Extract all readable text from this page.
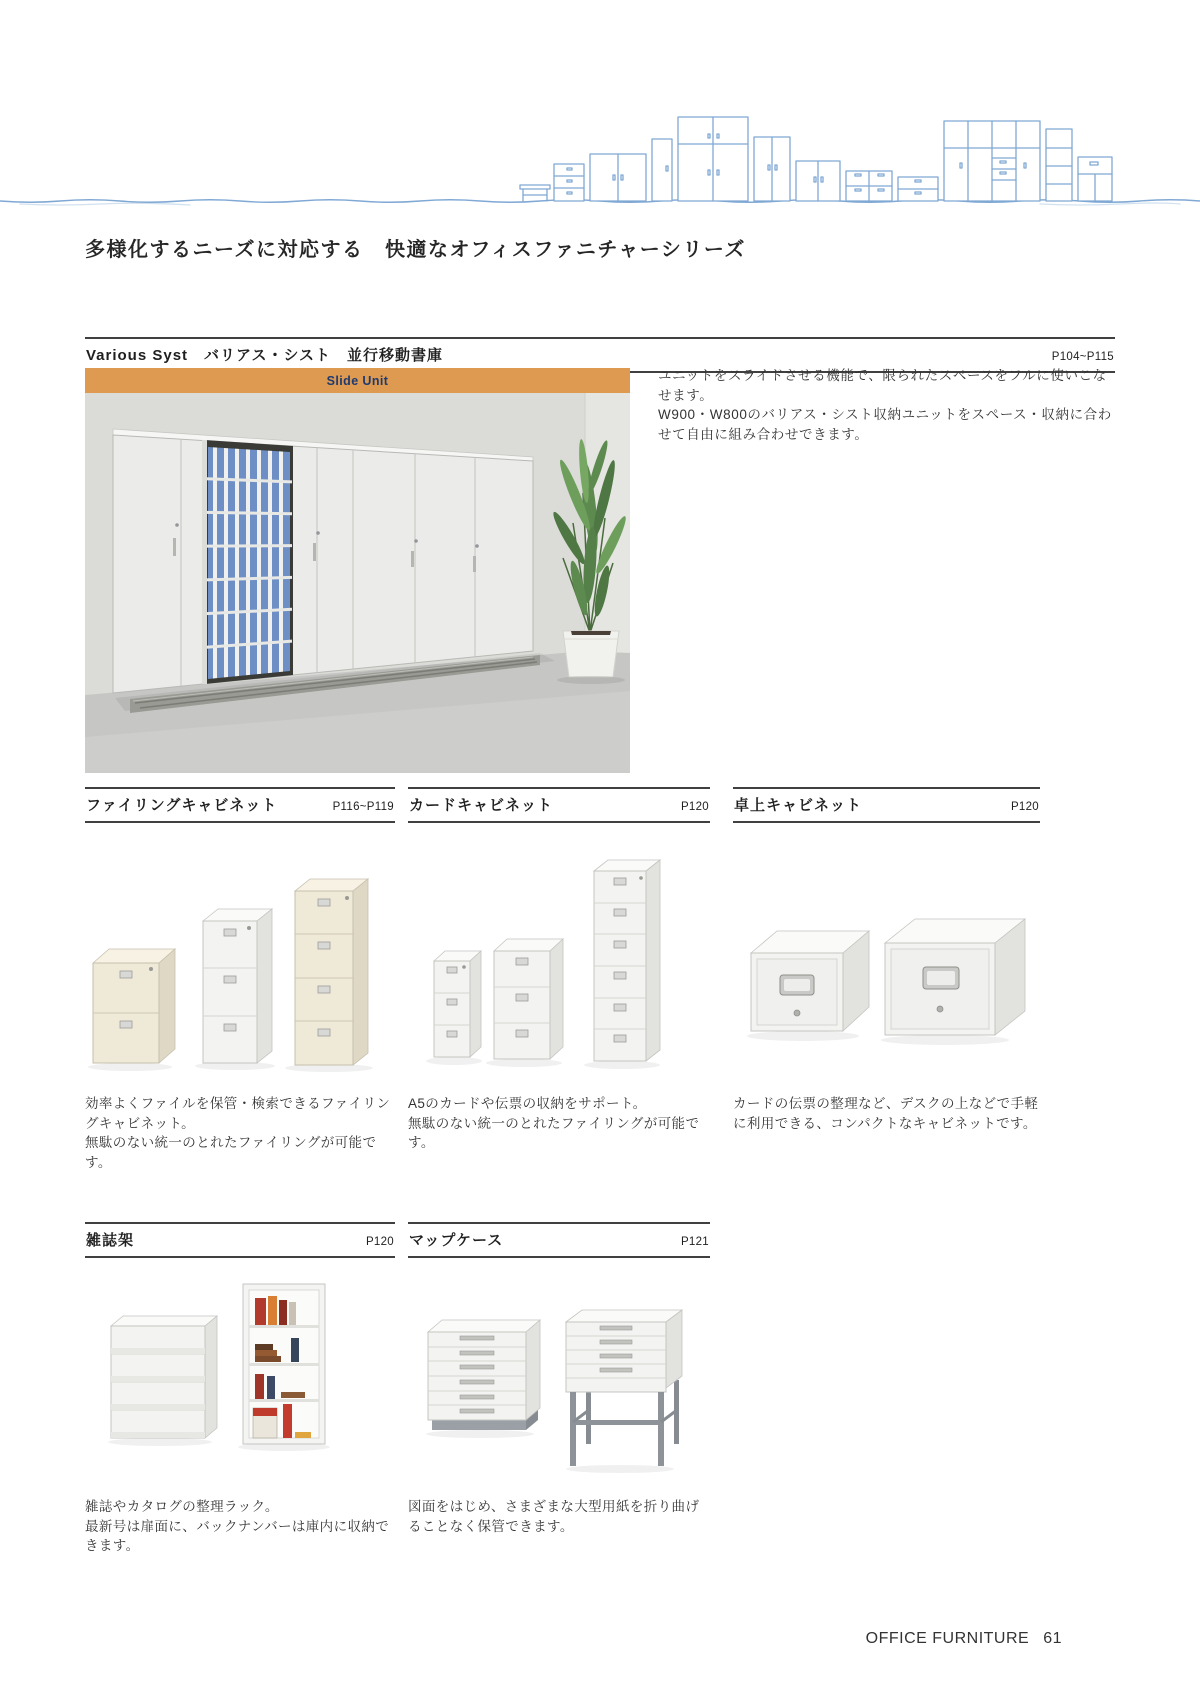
多様化するニーズに対応する　快適なオフィスファニチャーシリーズ
Various Syst　バリアス・シスト　並行移動書庫	P104~P115
Slide Unit	ユニットをスライドさせる機能で、限られたスペースをフルに使いこなせます。

W900・W800のバリアス・シスト収納ユニットをスペース・収納に合わせて自由に組み合わせできます。

ファイリングキャビネット	P116~P119

効率よくファイルを保管・検索できるファイリングキャビネット。

無駄のない統一のとれたファイリングが可能です。

カードキャビネット	P120

A5のカードや伝票の収納をサポート。

無駄のない統一のとれたファイリングが可能です。

卓上キャビネット	P120

カードの伝票の整理など、デスクの上などで手軽に利用できる、コンパクトなキャビネットです。

雑誌架	P120

雑誌やカタログの整理ラック。

最新号は扉面に、バックナンバーは庫内に収納できます。

マップケース	P121

図面をはじめ、さまざまな大型用紙を折り曲げることなく保管できます。

OFFICE FURNITURE 61
